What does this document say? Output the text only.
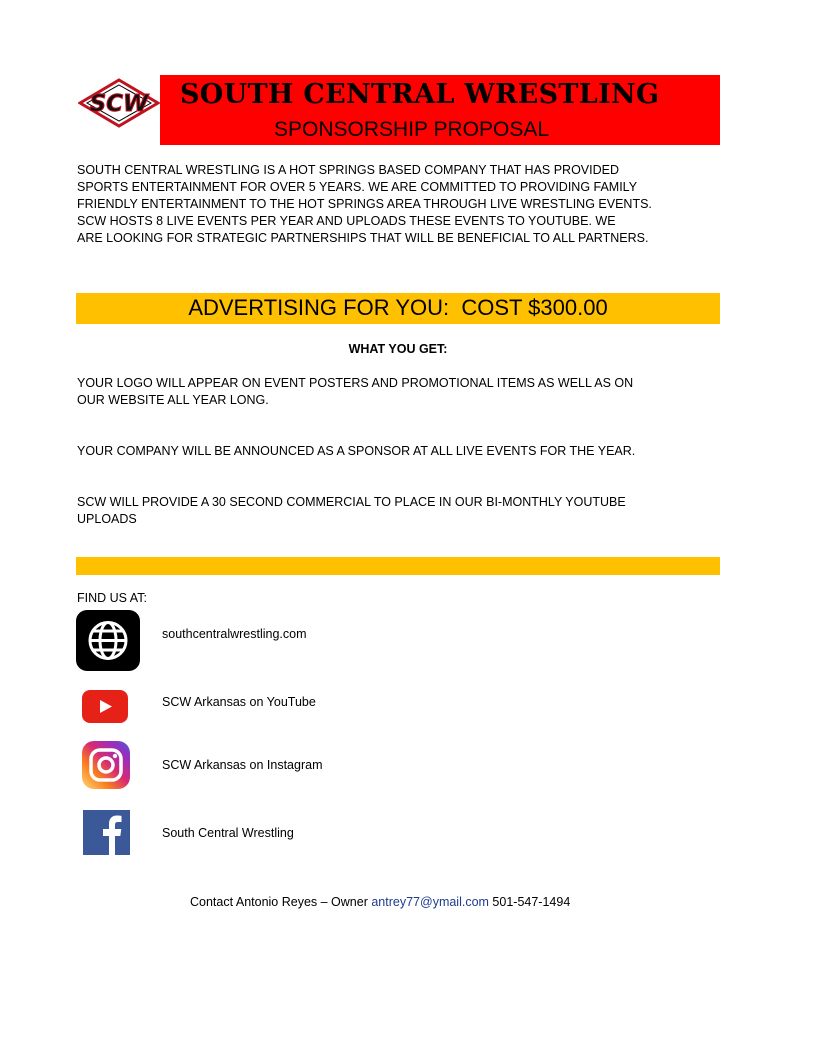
SCW SOUTH CENTRAL WRESTLING
SPONSORSHIP PROPOSAL
SOUTH CENTRAL WRESTLING IS A HOT SPRINGS BASED COMPANY THAT HAS PROVIDED
SPORTS ENTERTAINMENT FOR OVER 5 YEARS. WE ARE COMMITTED TO PROVIDING FAMILY
FRIENDLY ENTERTAINMENT TO THE HOT SPRINGS AREA THROUGH LIVE WRESTLING EVENTS.
SCW HOSTS 8 LIVE EVENTS PER YEAR AND UPLOADS THESE EVENTS TO YOUTUBE. WE
ARE LOOKING FOR STRATEGIC PARTNERSHIPS THAT WILL BE BENEFICIAL TO ALL PARTNERS.
ADVERTISING FOR YOU:  COST $300.00
WHAT YOU GET:
YOUR LOGO WILL APPEAR ON EVENT POSTERS AND PROMOTIONAL ITEMS AS WELL AS ON
OUR WEBSITE ALL YEAR LONG.
YOUR COMPANY WILL BE ANNOUNCED AS A SPONSOR AT ALL LIVE EVENTS FOR THE YEAR.
SCW WILL PROVIDE A 30 SECOND COMMERCIAL TO PLACE IN OUR BI-MONTHLY YOUTUBE
UPLOADS
FIND US AT:
southcentralwrestling.com
SCW Arkansas on YouTube
SCW Arkansas on Instagram
South Central Wrestling
Contact Antonio Reyes – Owner antrey77@ymail.com 501-547-1494
